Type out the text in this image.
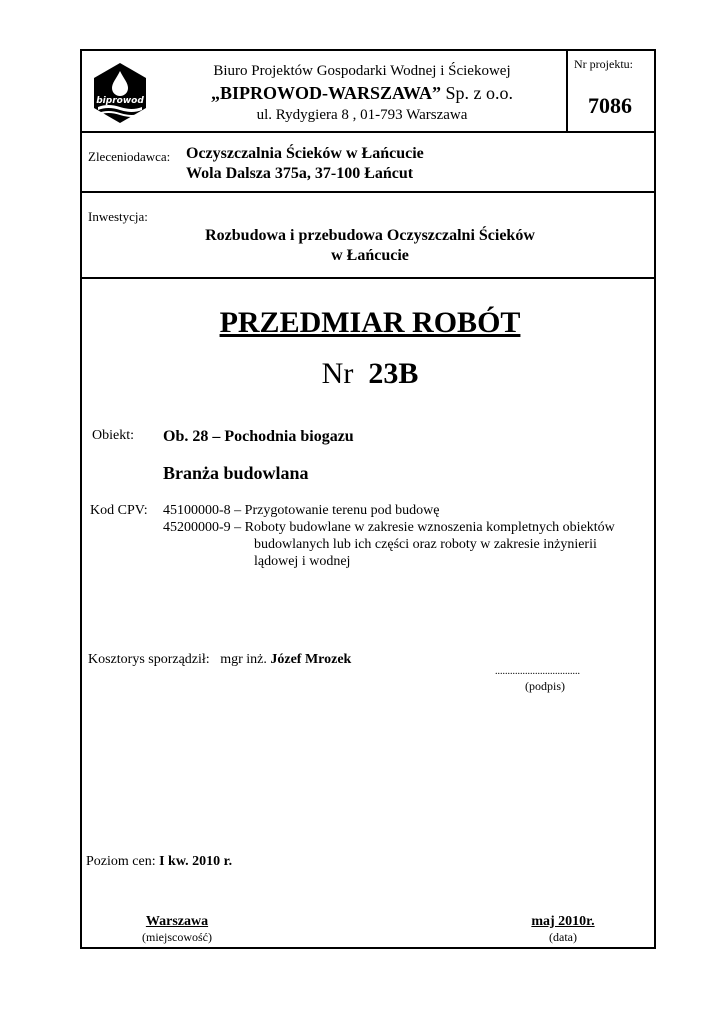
biprowod
Biuro Projektów Gospodarki Wodnej i Ściekowej
„BIPROWOD-WARSZAWA” Sp. z o.o.
ul. Rydygiera 8 , 01-793 Warszawa
Nr projektu:
7086
Zleceniodawca: Oczyszczalnia Ścieków w Łańcucie
Wola Dalsza 375a, 37-100 Łańcut
Inwestycja:
Rozbudowa i przebudowa Oczyszczalni Ścieków
w Łańcucie
PRZEDMIAR ROBÓT
Nr 23B
Obiekt: Ob. 28 – Pochodnia biogazu
Branża budowlana
Kod CPV: 45100000-8 – Przygotowanie terenu pod budowę
45200000-9 – Roboty budowlane w zakresie wznoszenia kompletnych obiektów
budowlanych lub ich części oraz roboty w zakresie inżynierii
lądowej i wodnej
Kosztorys sporządził: mgr inż. Józef Mrozek
..................................
(podpis)
Poziom cen: I kw. 2010 r.
Warszawa
(miejscowość)
maj 2010r.
(data)
